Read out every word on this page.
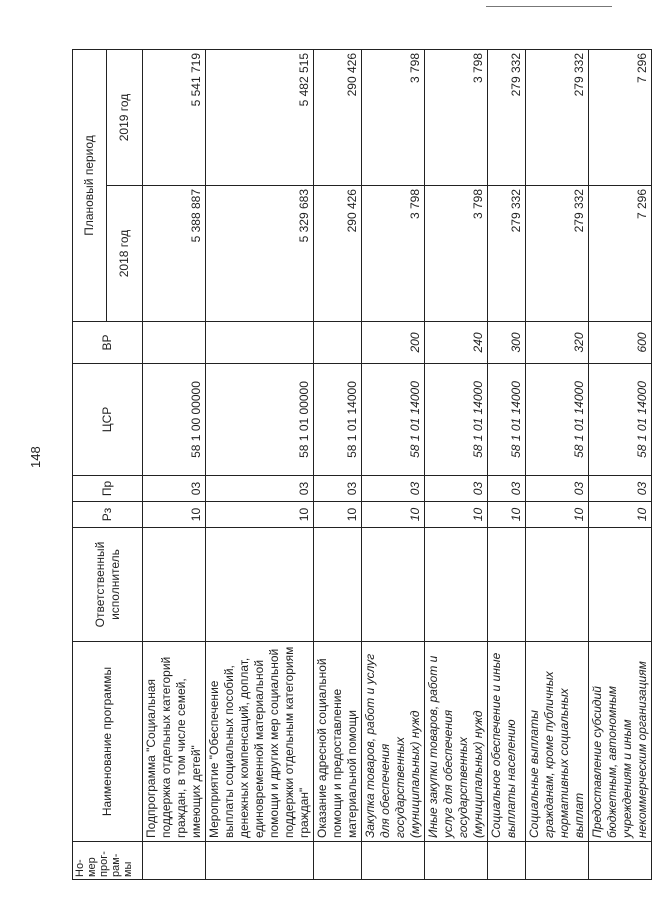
148
Но-мер прог-рам-мы	Наименование программы	Ответственный исполнитель	Рз	Пр	ЦСР	ВР	Плановый период	
							2018 год	2019 год
	Подпрограмма "Социальная поддержка отдельных категорий граждан, в том числе семей, имеющих детей"		10	03	58 1 00 00000		5 388 887	5 541 719
	Мероприятие "Обеспечение выплаты социальных пособий, денежных компенсаций, доплат, единовременной материальной помощи и других мер социальной поддержки отдельным категориям граждан"		10	03	58 1 01 00000		5 329 683	5 482 515
	Оказание адресной социальной помощи и предоставление материальной помощи		10	03	58 1 01 14000		290 426	290 426
	Закупка товаров, работ и услуг для обеспечения государственных (муниципальных) нужд		10	03	58 1 01 14000	200	3 798	3 798
	Иные закупки товаров, работ и услуг для обеспечения государственных (муниципальных) нужд		10	03	58 1 01 14000	240	3 798	3 798
	Социальное обеспечение и иные выплаты населению		10	03	58 1 01 14000	300	279 332	279 332
	Социальные выплаты гражданам, кроме публичных нормативных социальных выплат		10	03	58 1 01 14000	320	279 332	279 332
	Предоставление субсидий бюджетным, автономным учреждениям и иным некоммерческим организациям		10	03	58 1 01 14000	600	7 296	7 296
